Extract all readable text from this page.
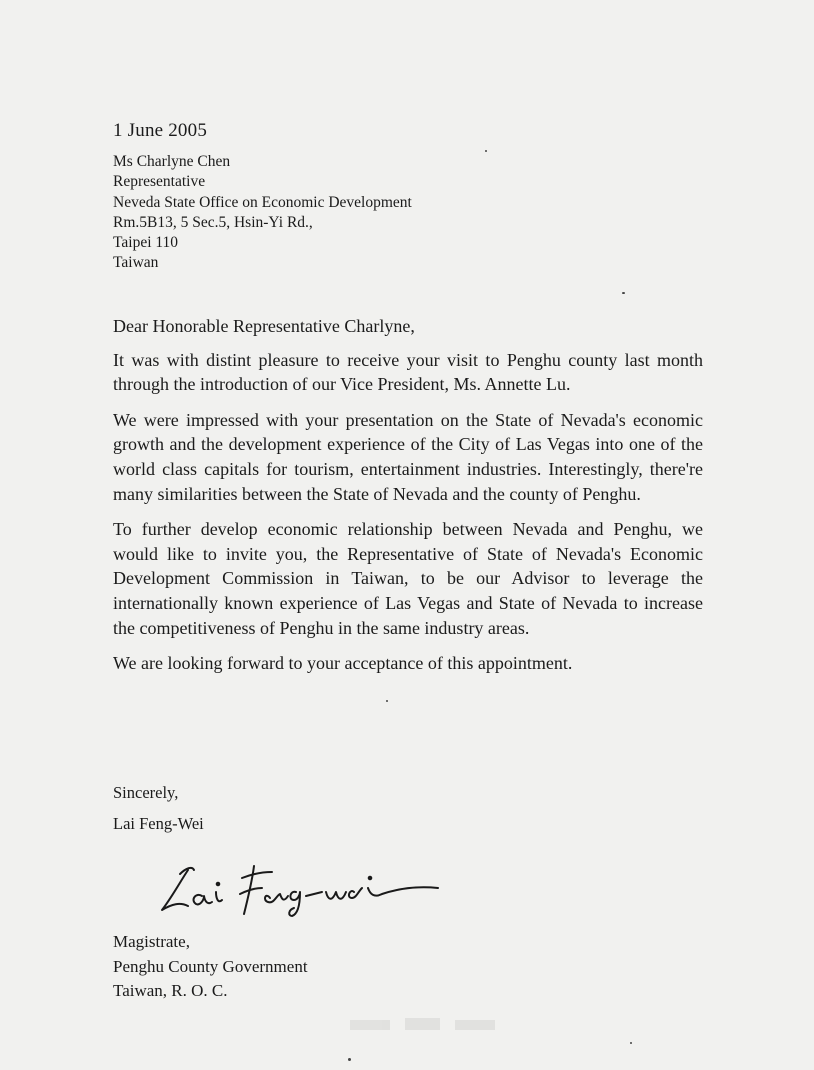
1 June 2005
Ms Charlyne Chen
Representative
Neveda State Office on Economic Development
Rm.5B13, 5 Sec.5, Hsin-Yi Rd.,
Taipei 110
Taiwan

Dear Honorable Representative Charlyne,

It was with distint pleasure to receive your visit to Penghu county last month through the introduction of our Vice President, Ms. Annette Lu.

We were impressed with your presentation on the State of Nevada's economic growth and the development experience of the City of Las Vegas into one of the world class capitals for tourism, entertainment industries. Interestingly, there're many similarities between the State of Nevada and the county of Penghu.

To further develop economic relationship between Nevada and Penghu, we would like to invite you, the Representative of State of Nevada's Economic Development Commission in Taiwan, to be our Advisor to leverage the internationally known experience of Las Vegas and State of Nevada to increase the competitiveness of Penghu in the same industry areas.

We are looking forward to your acceptance of this appointment.

Sincerely,
Lai Feng-Wei
Magistrate,
Penghu County Government
Taiwan, R. O. C.
